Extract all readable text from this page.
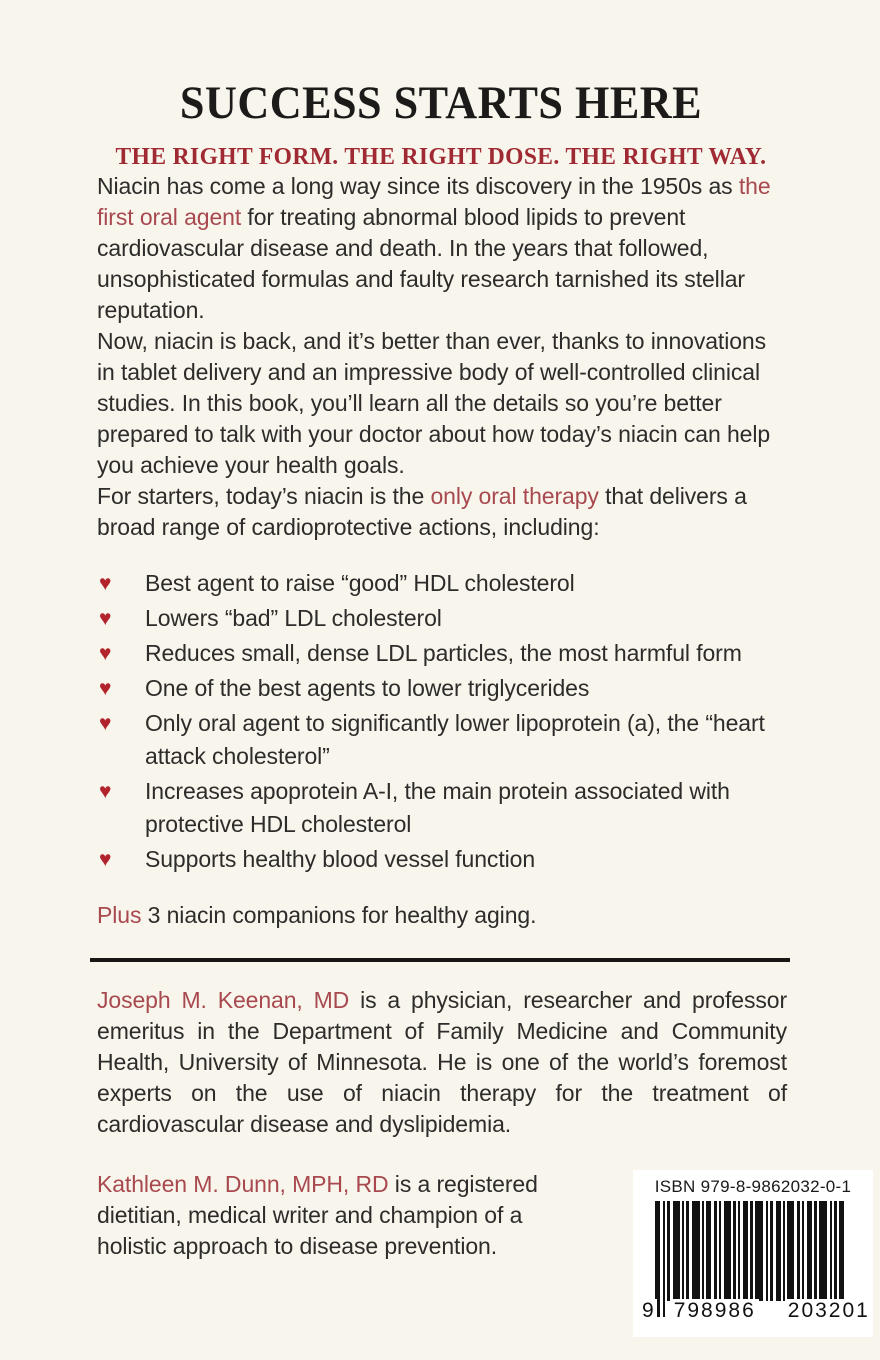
SUCCESS STARTS HERE
THE RIGHT FORM. THE RIGHT DOSE. THE RIGHT WAY.

Niacin has come a long way since its discovery in the 1950s as the first oral agent for treating abnormal blood lipids to prevent cardiovascular disease and death. In the years that followed, unsophisticated formulas and faulty research tarnished its stellar reputation.

Now, niacin is back, and it’s better than ever, thanks to innovations in tablet delivery and an impressive body of well-controlled clinical studies. In this book, you’ll learn all the details so you’re better prepared to talk with your doctor about how today’s niacin can help you achieve your health goals.

For starters, today’s niacin is the only oral therapy that delivers a broad range of cardioprotective actions, including:

♥	Best agent to raise “good” HDL cholesterol
♥	Lowers “bad” LDL cholesterol
♥	Reduces small, dense LDL particles, the most harmful form
♥	One of the best agents to lower triglycerides
♥	Only oral agent to significantly lower lipoprotein (a), the “heart attack cholesterol”
♥	Increases apoprotein A-I, the main protein associated with protective HDL cholesterol
♥	Supports healthy blood vessel function

Plus 3 niacin companions for healthy aging.

Joseph M. Keenan, MD is a physician, researcher and professor emeritus in the Department of Family Medicine and Community Health, University of Minnesota. He is one of the world’s foremost experts on the use of niacin therapy for the treatment of cardiovascular disease and dyslipidemia.

Kathleen M. Dunn, MPH, RD is a registered dietitian, medical writer and champion of a holistic approach to disease prevention.

ISBN 979-8-9862032-0-1
9 798986 203201
